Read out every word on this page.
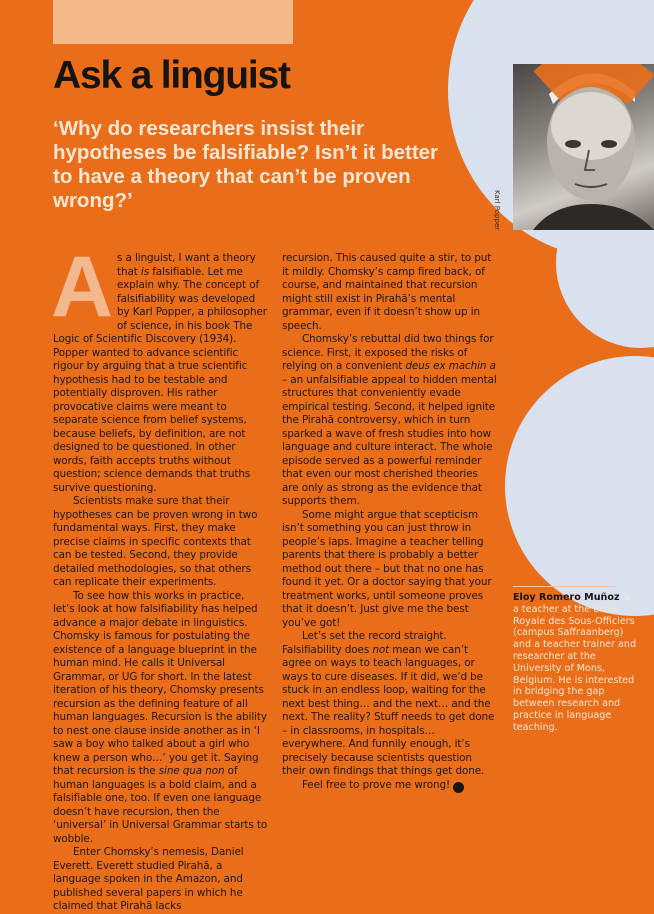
Karl Popper
Ask a linguist
‘Why do researchers insist their hypotheses be falsifiable? Isn’t it better to have a theory that can’t be proven wrong?’

As a linguist, I want a theory that is falsifiable. Let me explain why. The concept of falsifiability was developed by Karl Popper, a philosopher of science, in his book The Logic of Scientific Discovery (1934). Popper wanted to advance scientific rigour by arguing that a true scientific hypothesis had to be testable and potentially disproven. His rather provocative claims were meant to separate science from belief systems, because beliefs, by definition, are not designed to be questioned. In other words, faith accepts truths without question; science demands that truths survive questioning.

Scientists make sure that their hypotheses can be proven wrong in two fundamental ways. First, they make precise claims in specific contexts that can be tested. Second, they provide detailed methodologies, so that others can replicate their experiments.

To see how this works in practice, let’s look at how falsifiability has helped advance a major debate in linguistics. Chomsky is famous for postulating the existence of a language blueprint in the human mind. He calls it Universal Grammar, or UG for short. In the latest iteration of his theory, Chomsky presents recursion as the defining feature of all human languages. Recursion is the ability to nest one clause inside another as in ‘I saw a boy who talked about a girl who knew a person who…’ you get it. Saying that recursion is the sine qua non of human languages is a bold claim, and a falsifiable one, too. If even one language doesn’t have recursion, then the ‘universal’ in Universal Grammar starts to wobble.

Enter Chomsky’s nemesis, Daniel Everett. Everett studied Pirahã, a language spoken in the Amazon, and published several papers in which he claimed that Pirahã lacks

recursion. This caused quite a stir, to put it mildly. Chomsky’s camp fired back, of course, and maintained that recursion might still exist in Pirahã’s mental grammar, even if it doesn’t show up in speech.

Chomsky’s rebuttal did two things for science. First, it exposed the risks of relying on a convenient deus ex machin a – an unfalsifiable appeal to hidden mental structures that conveniently evade empirical testing. Second, it helped ignite the Pirahã controversy, which in turn sparked a wave of fresh studies into how language and culture interact. The whole episode served as a powerful reminder that even our most cherished theories are only as strong as the evidence that supports them.

Some might argue that scepticism isn’t something you can just throw in people’s laps. Imagine a teacher telling parents that there is probably a better method out there – but that no one has found it yet. Or a doctor saying that your treatment works, until someone proves that it doesn’t. Just give me the best you’ve got!

Let’s set the record straight. Falsifiability does not mean we can’t agree on ways to teach languages, or ways to cure diseases. If it did, we’d be stuck in an endless loop, waiting for the next best thing… and the next… and the next. The reality? Stuff needs to get done – in classrooms, in hospitals… everywhere. And funnily enough, it’s precisely because scientists question their own findings that things get done.

Feel free to prove me wrong!	R

Eloy Romero Muñoz is a teacher at the École Royale des Sous-Officiers (campus Saffraanberg) and a teacher trainer and researcher at the University of Mons, Belgium. He is interested in bridging the gap between research and practice in language teaching.
